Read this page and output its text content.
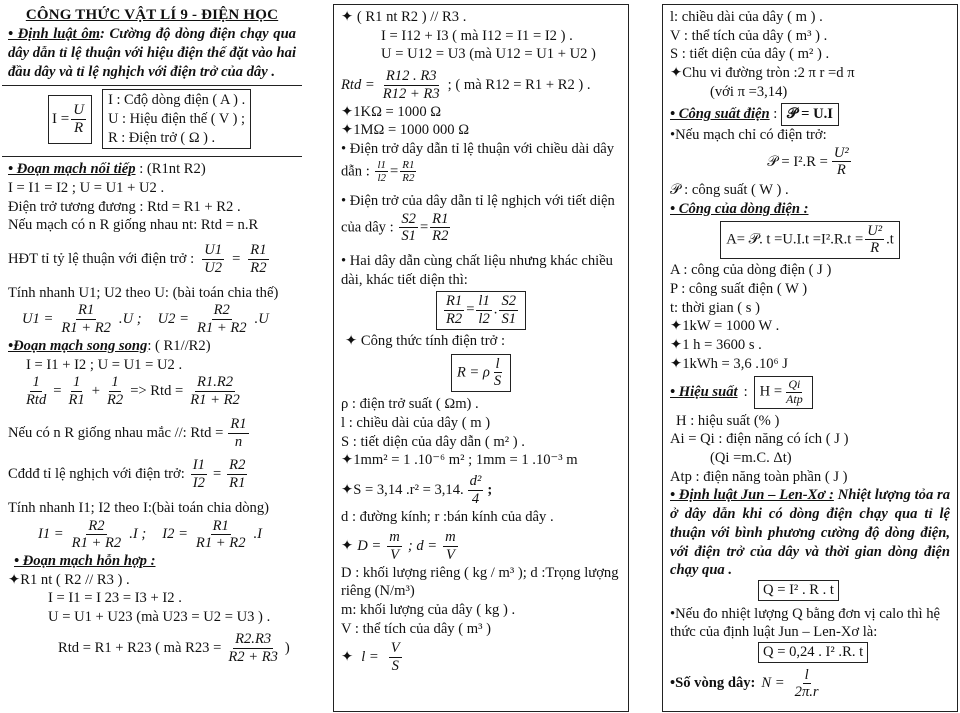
CÔNG THỨC VẬT LÍ 9 - ĐIỆN HỌC
• Định luật ôm: Cường độ dòng điện chạy qua dây dẫn tỉ lệ thuận với hiệu điện thế đặt vào hai đầu dây và tỉ lệ nghịch với điện trở của dây .
$I = \frac{U}{R}$
I : Cđộ dòng điện ( A ) .
U : Hiệu điện thế ( V ) ;
R : Điện trở ( Ω ) .
• Đoạn mạch nối tiếp : (R1nt R2)
I = I1 = I2 ; U = U1 + U2 .
Điện trở tương đương : Rtd = R1 + R2 .
Nếu mạch có n R giống nhau nt: Rtd = n.R
HĐT tỉ tỷ lệ thuận với điện trở : $\frac{U1}{U2} = \frac{R1}{R2}$
Tính nhanh U1; U2 theo U: (bài toán chia thế)
$U1 = \frac{R1}{R1 + R2} .U$ ; $U2 = \frac{R2}{R1 + R2} .U$
•Đoạn mạch song song: ( R1//R2)
I = I1 + I2 ; U = U1 = U2 .
$\frac{1}{\text{Rtd}} = \frac{1}{R1} + \frac{1}{R2}$ => Rtd = $\frac{R1.R2}{R1 + R2}$
Nếu có n R giống nhau mắc //: Rtd = $\frac{R1}{n}$
Cđdđ tỉ lệ nghịch với điện trở: $\frac{I1}{I2} = \frac{R2}{R1}$
Tính nhanh I1; I2 theo I:(bài toán chia dòng)
$I1 = \frac{R2}{R1 + R2} .I$ ; $I2 = \frac{R1}{R1 + R2} .I$
• Đoạn mạch hỗn hợp :
✦R1 nt ( R2 // R3 ) .
I = I1 = I 23 = I3 + I2 .
U = U1 + U23 (mà U23 = U2 = U3 ) .
Rtd = R1 + R23 ( mà $R23 = \frac{R2.R3}{R2 + R3}$ )
✦ ( R1 nt R2 ) // R3 .
I = I12 + I3 ( mà I12 = I1 = I2 ) .
U = U12 = U3 (mà U12 = U1 + U2 )
Rtd = $\frac{R12 . R3}{R12 + R3}$ ; ( mà R12 = R1 + R2 ) .
✦1KΩ = 1000 Ω
✦1MΩ = 1000 000 Ω
• Điện trở dây dẫn tỉ lệ thuận với chiều dài dây dẫn : $\frac{l1}{l2} = \frac{R1}{R2}$
• Điện trở của dây dẫn tỉ lệ nghịch với tiết diện của dây : $\frac{S2}{S1} = \frac{R1}{R2}$
• Hai dây dẫn cùng chất liệu nhưng khác chiều dài, khác tiết diện thì:
$\frac{R1}{R2} = \frac{l1}{l2}$ . $\frac{S2}{S1}$
✦ Công thức tính điện trở :
R = ρ $\frac{l}{S}$
ρ : điện trở suất ( Ωm) .
l : chiều dài của dây ( m )
S : tiết diện của dây dẫn ( m² ) .
✦1mm² = 1 .10⁻⁶ m² ; 1mm = 1 .10⁻³ m
✦S = 3,14 .r² = 3,14. $\frac{\text{d²}}{4}$ ;
d : đường kính; r :bán kính của dây .
✦ $D = \frac{m}{V}$ ; $d = \frac{m}{V}$
D : khối lượng riêng ( kg / m³ ); d :Trọng lượng riêng (N/m³)
m: khối lượng của dây ( kg ) .
V : thể tích của dây ( m³ )
✦ $l = \frac{V}{S}$
l: chiều dài của dây ( m ) .
V : thể tích của dây ( m³ ) .
S : tiết diện của dây ( m² ) .
✦Chu vi đường tròn :2 π r =d π
(với π =3,14)
• Công suất điện : 𝒫 = U.I
•Nếu mạch chỉ có điện trở:
𝒫 = $I^2.R = \frac{\text{U²}}{R}$
𝒫 : công suất ( W ) .
• Công của dòng điện :
A= 𝒫. $t =U.I.t =I^2.R.t = \frac{\text{U²}}{R} .t$
A : công của dòng điện ( J )
P : công suất điện ( W )
t: thời gian ( s )
✦1kW = 1000 W .
✦1 h = 3600 s .
✦1kWh = 3,6 .10⁶ J
• Hiệu suất : $H = \frac{Qi}{\text{Atp}}$
H : hiệu suất (% )
Ai = Qi : điện năng có ích ( J )
(Qi =m.C. Δt)
Atp : điện năng toàn phần ( J )
• Định luật Jun – Len-Xơ : Nhiệt lượng tỏa ra ở dây dẫn khi có dòng điện chạy qua tỉ lệ thuận với bình phương cường độ dòng điện, với điện trở của dây và thời gian dòng điện chạy qua .
Q = I² . R . t
•Nếu đo nhiệt lượng Q bằng đơn vị calo thì hệ thức của định luật Jun – Len-Xơ là:
Q = 0,24 . I² .R. t
•Số vòng dây: $N = \frac{l}{2\pi.r}$
